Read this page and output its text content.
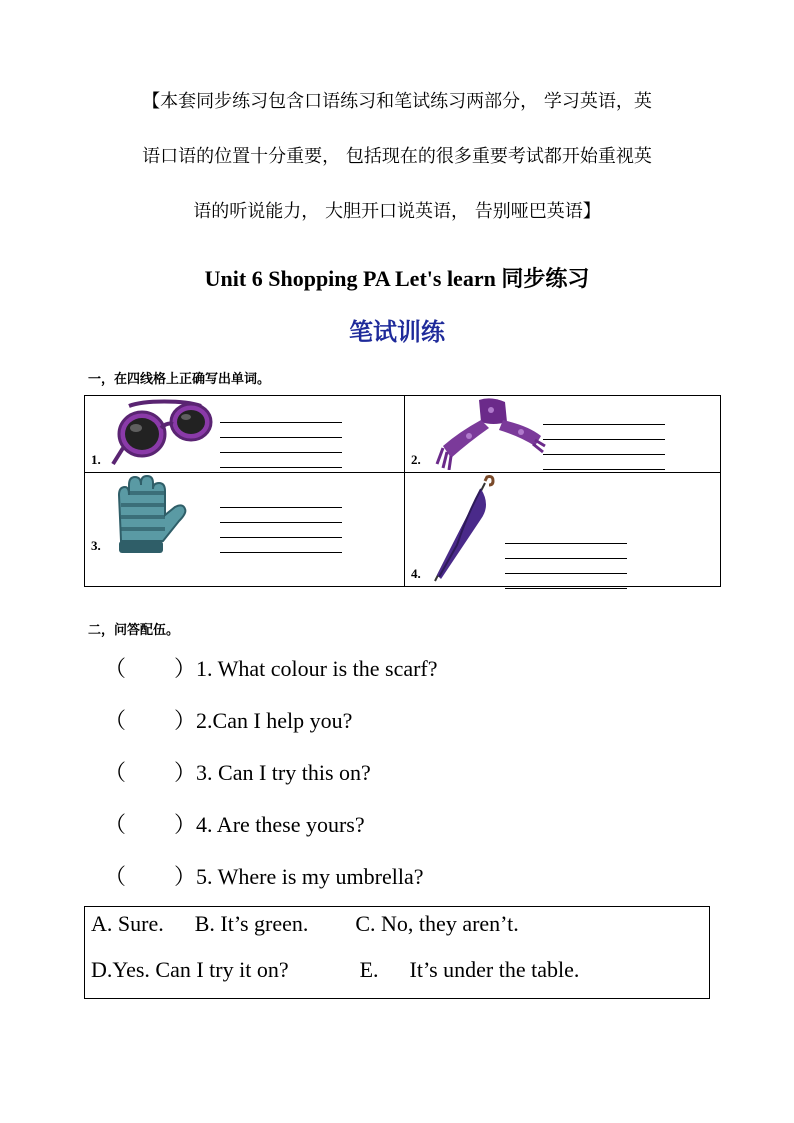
【本套同步练习包含口语练习和笔试练习两部分， 学习英语，英
语口语的位置十分重要， 包括现在的很多重要考试都开始重视英
语的听说能力， 大胆开口说英语， 告别哑巴英语】
Unit 6 Shopping PA Let's learn 同步练习
笔试训练
一，在四线格上正确写出单词。
1.	2.

3.	4.
二，问答配伍。
（ ）1. What colour is the scarf?
（ ）2.Can I help you?
（ ）3. Can I try this on?
（ ）4. Are these yours?
（ ）5. Where is my umbrella?
A. Sure. B. It’s green. C. No, they aren’t.
D.Yes. Can I try it on?	E. It’s under the table.
